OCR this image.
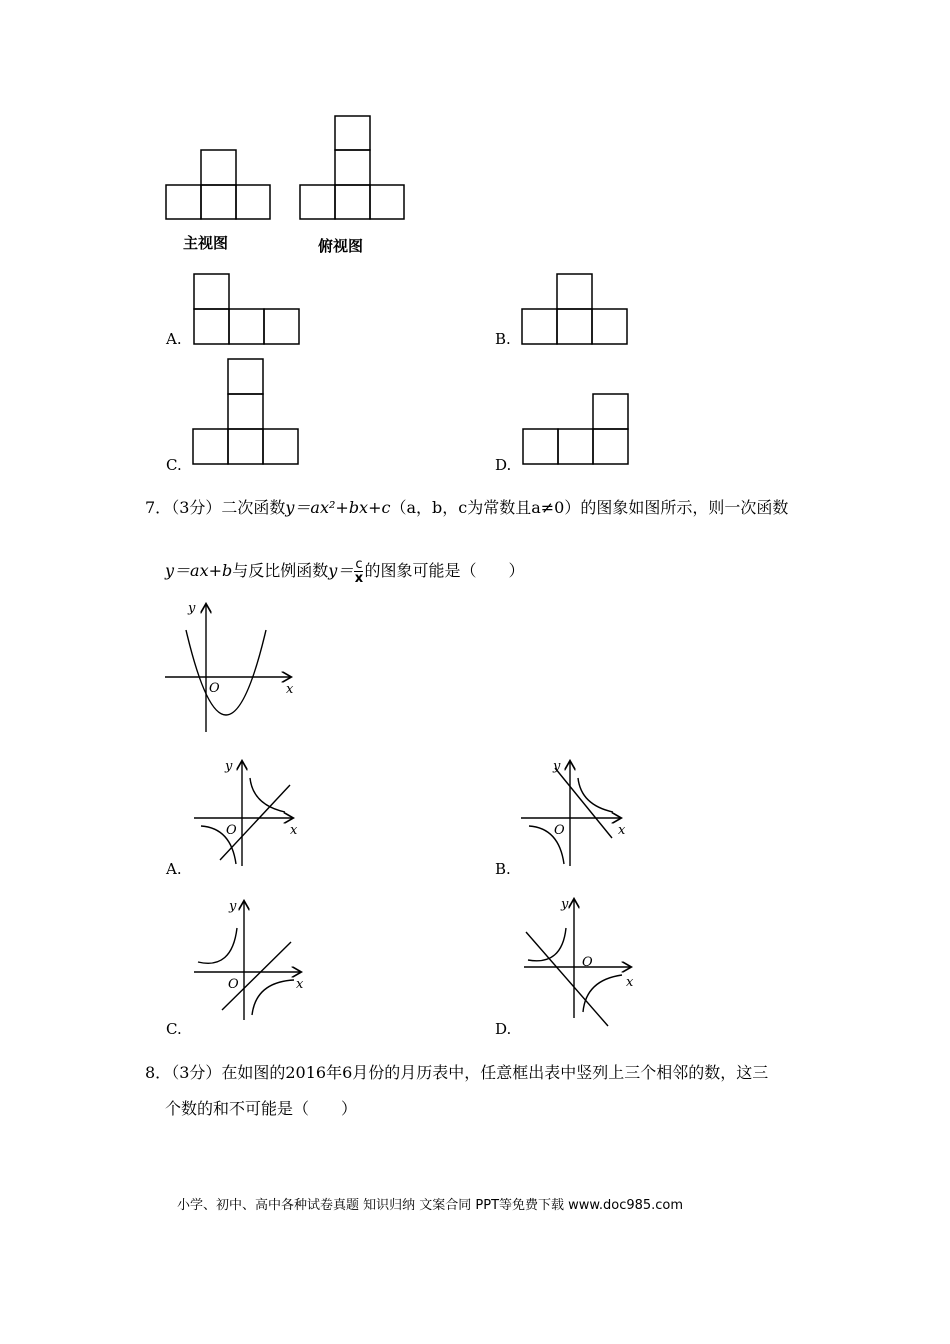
主视图	俯视图
A.	B.
C.	D.
7．（3分）二次函数y＝ax²+bx+c（a，b，c为常数且a≠0）的图象如图所示，则一次函数
y＝ax+b与反比例函数$y= \frac{c}{x}$ 的图象可能是（　　）
y
x
O
y
x
O
y
x
O
y
x
O
y
x
O
A.	B.
C.	D.
8．（3分）在如图的2016年6月份的月历表中，任意框出表中竖列上三个相邻的数，这三
个数的和不可能是（　　）
小学、初中、高中各种试卷真题 知识归纳 文案合同 PPT等免费下载 www.doc985.com
